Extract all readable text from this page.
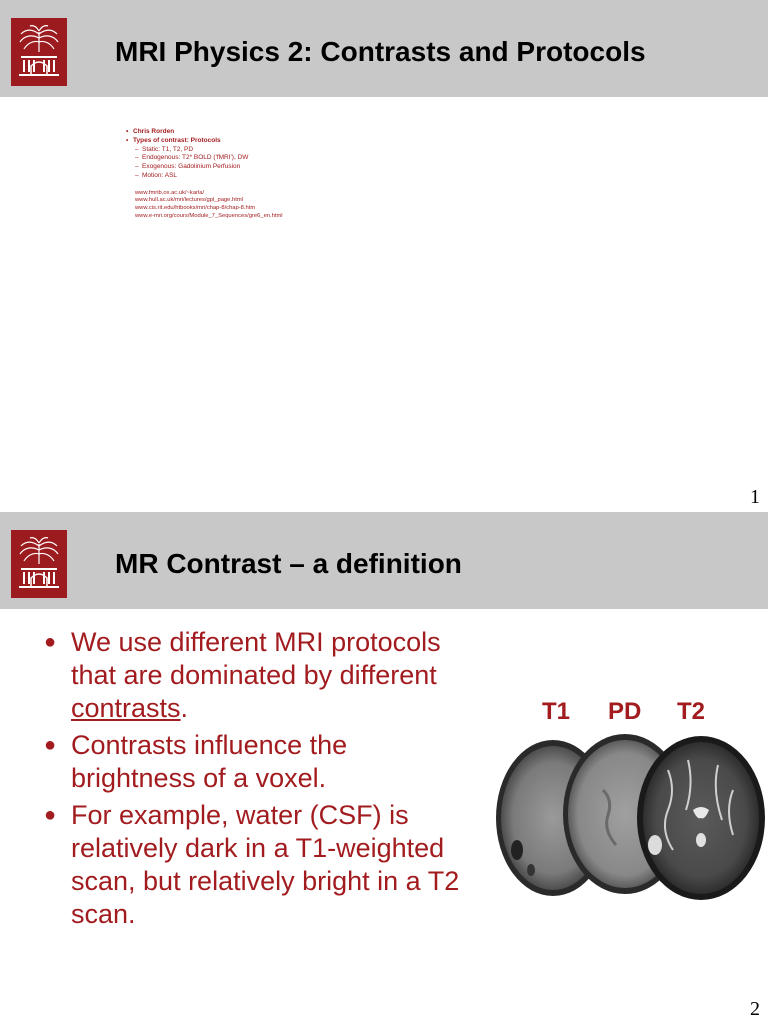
MRI Physics 2: Contrasts and Protocols
• Chris Rorden
• Types of contrast: Protocols
– Static: T1, T2, PD
– Endogenous: T2* BOLD ('fMRI'), DW
– Exogenous: Gadolinium Perfusion
– Motion: ASL
www.fmrib.ox.ac.uk/~karla/
www.hull.ac.uk/mri/lectures/gpl_page.html
www.cis.rit.edu/htbooks/mri/chap-8/chap-8.htm
www.e-mri.org/cours/Module_7_Sequences/gre6_en.html
1
MR Contrast – a definition
● We use different MRI protocols that are dominated by different contrasts.
● Contrasts influence the brightness of a voxel.
● For example, water (CSF) is relatively dark in a T1-weighted scan, but relatively bright in a T2 scan.
T1 PD T2
2
